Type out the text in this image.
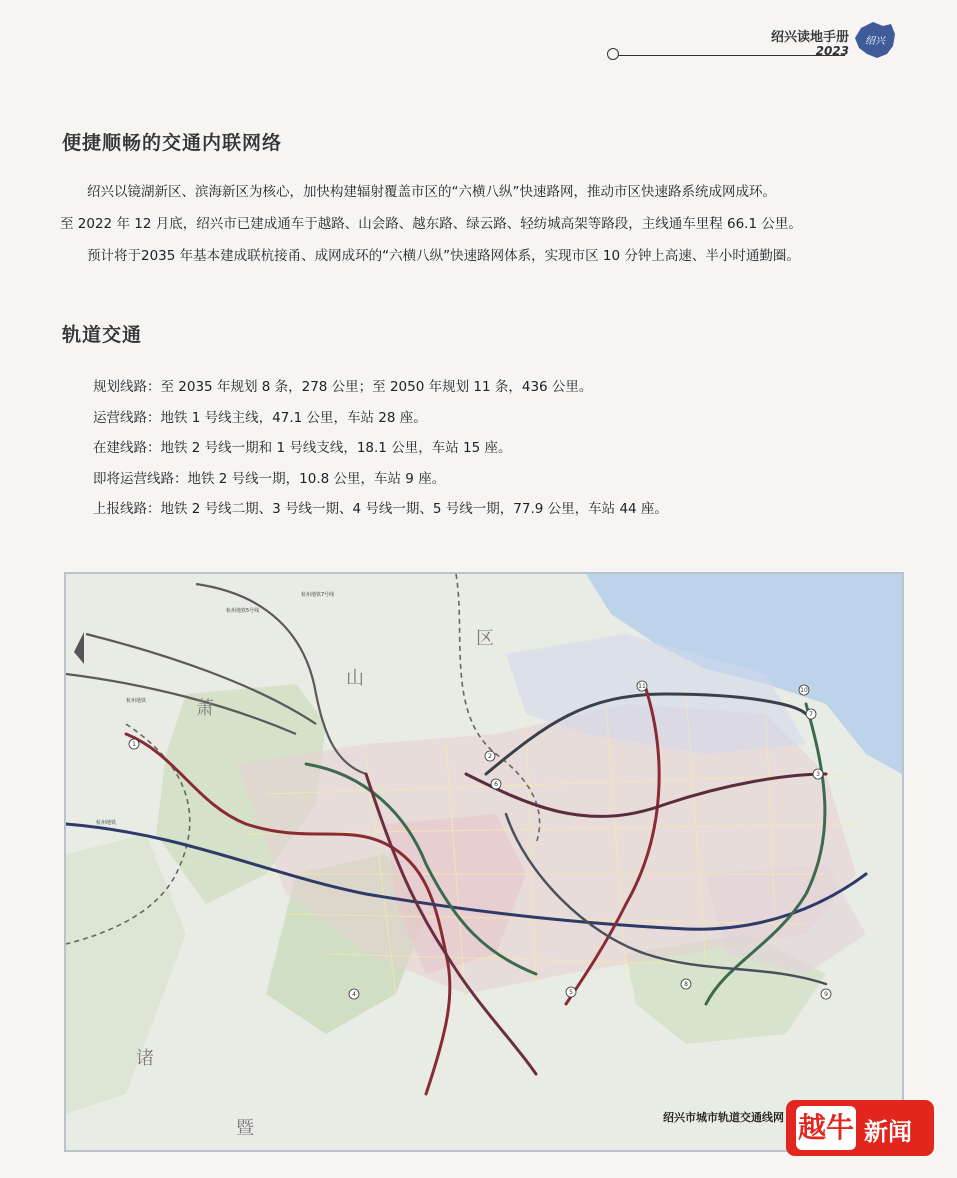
绍兴读地手册
2023
绍兴
便捷顺畅的交通内联网络

绍兴以镜湖新区、滨海新区为核心，加快构建辐射覆盖市区的“六横八纵”快速路网，推动市区快速路系统成网成环。

至 2022 年 12 月底，绍兴市已建成通车于越路、山会路、越东路、绿云路、轻纺城高架等路段，主线通车里程 66.1 公里。

预计将于2035 年基本建成联杭接甬、成网成环的“六横八纵”快速路网体系，实现市区 10 分钟上高速、半小时通勤圈。

轨道交通
规划线路：至 2035 年规划 8 条，278 公里；至 2050 年规划 11 条，436 公里。
运营线路：地铁 1 号线主线，47.1 公里，车站 28 座。
在建线路：地铁 2 号线一期和 1 号线支线，18.1 公里，车站 15 座。
即将运营线路：地铁 2 号线一期，10.8 公里，车站 9 座。
上报线路：地铁 2 号线二期、3 号线一期、4 号线一期、5 号线一期，77.9 公里，车站 44 座。
区
山
萧
诸
暨
杭州地铁7号线
杭州地铁5号线
杭州地铁
杭州地铁
1
2
3
4	5
6
7
8
9
10
11
绍兴市城市轨道交通线网 越牛 新闻
